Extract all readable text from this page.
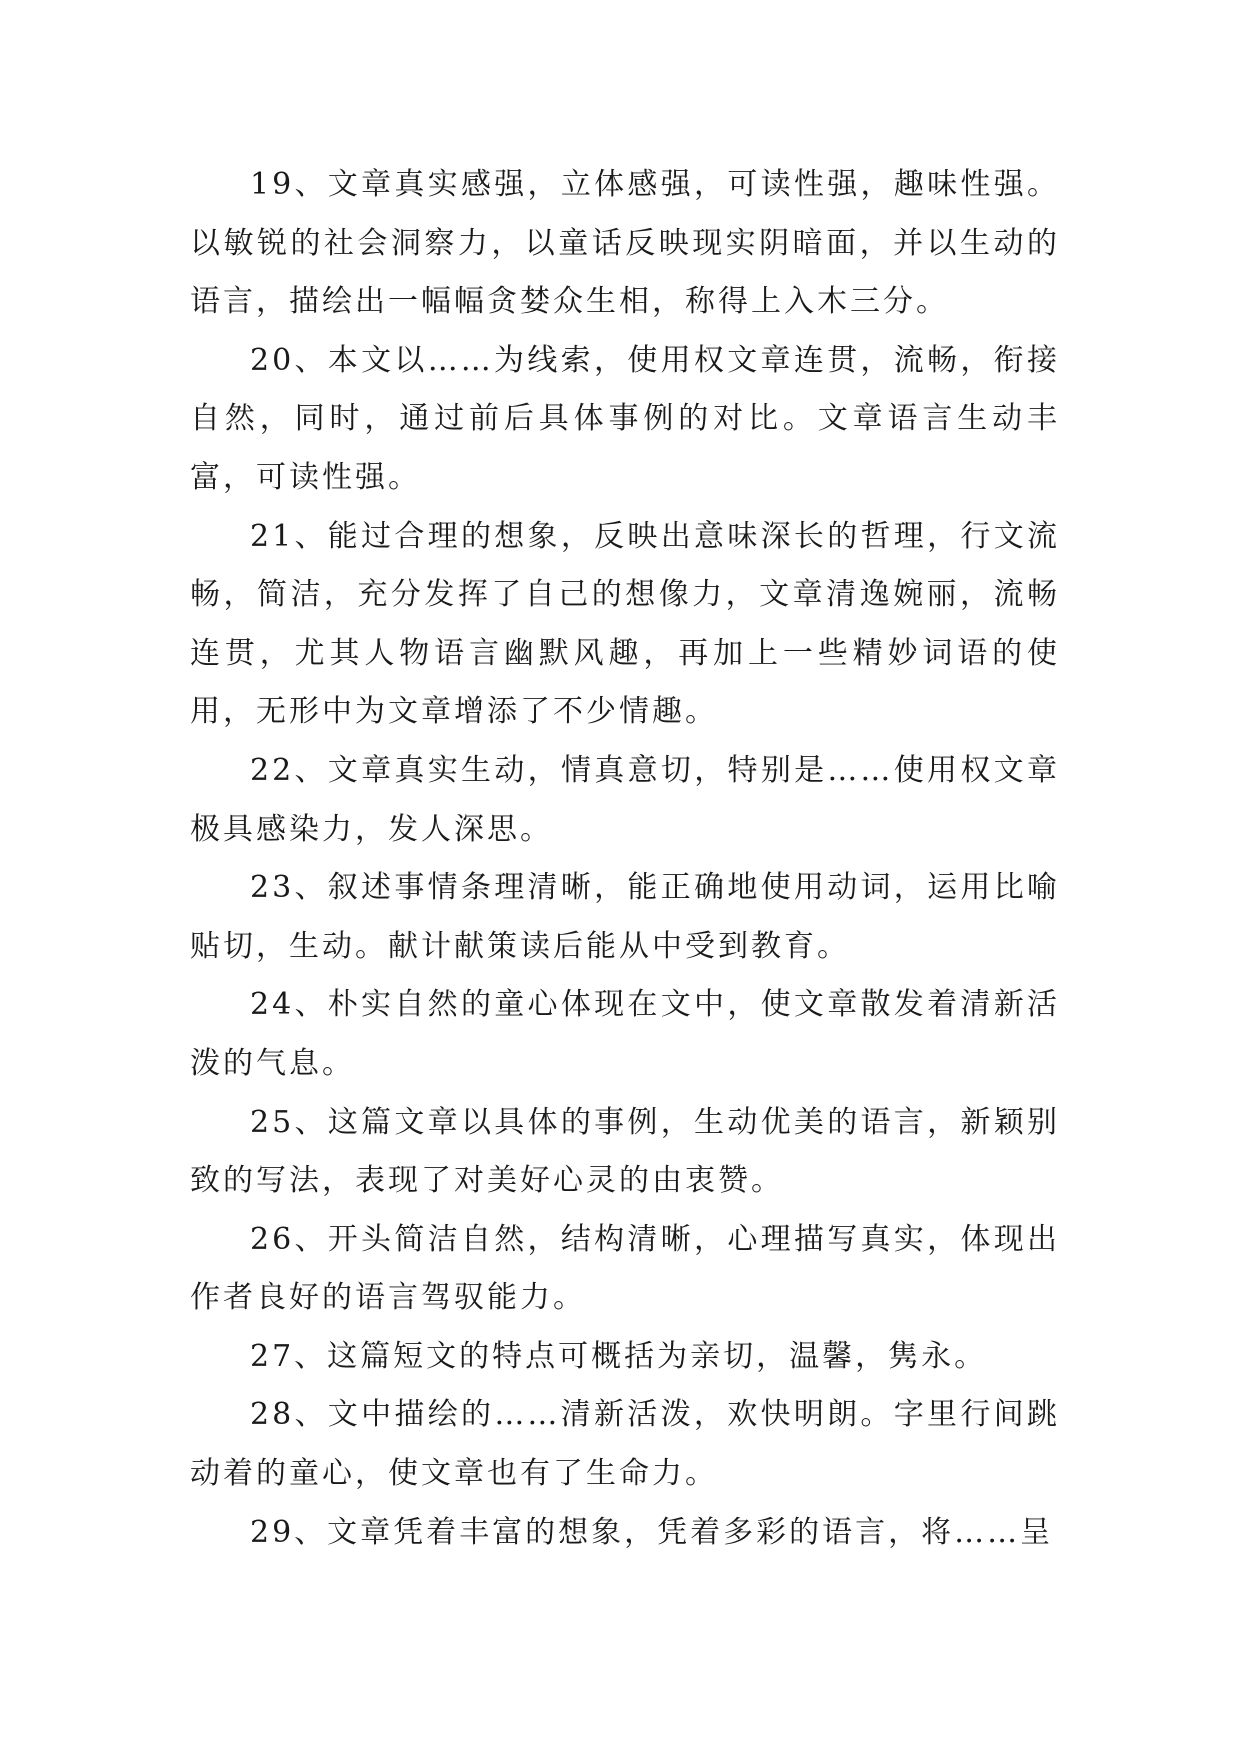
19、文章真实感强，立体感强，可读性强，趣味性强。以敏锐的社会洞察力，以童话反映现实阴暗面，并以生动的语言，描绘出一幅幅贪婪众生相，称得上入木三分。

20、本文以……为线索，使用权文章连贯，流畅，衔接自然，同时，通过前后具体事例的对比。文章语言生动丰富，可读性强。

21、能过合理的想象，反映出意味深长的哲理，行文流畅，简洁，充分发挥了自己的想像力，文章清逸婉丽，流畅连贯，尤其人物语言幽默风趣，再加上一些精妙词语的使用，无形中为文章增添了不少情趣。

22、文章真实生动，情真意切，特别是……使用权文章极具感染力，发人深思。

23、叙述事情条理清晰，能正确地使用动词，运用比喻贴切，生动。献计献策读后能从中受到教育。

24、朴实自然的童心体现在文中，使文章散发着清新活泼的气息。

25、这篇文章以具体的事例，生动优美的语言，新颖别致的写法，表现了对美好心灵的由衷赞。

26、开头简洁自然，结构清晰，心理描写真实，体现出作者良好的语言驾驭能力。

27、这篇短文的特点可概括为亲切，温馨，隽永。

28、文中描绘的……清新活泼，欢快明朗。字里行间跳动着的童心，使文章也有了生命力。

29、文章凭着丰富的想象，凭着多彩的语言，将……呈
